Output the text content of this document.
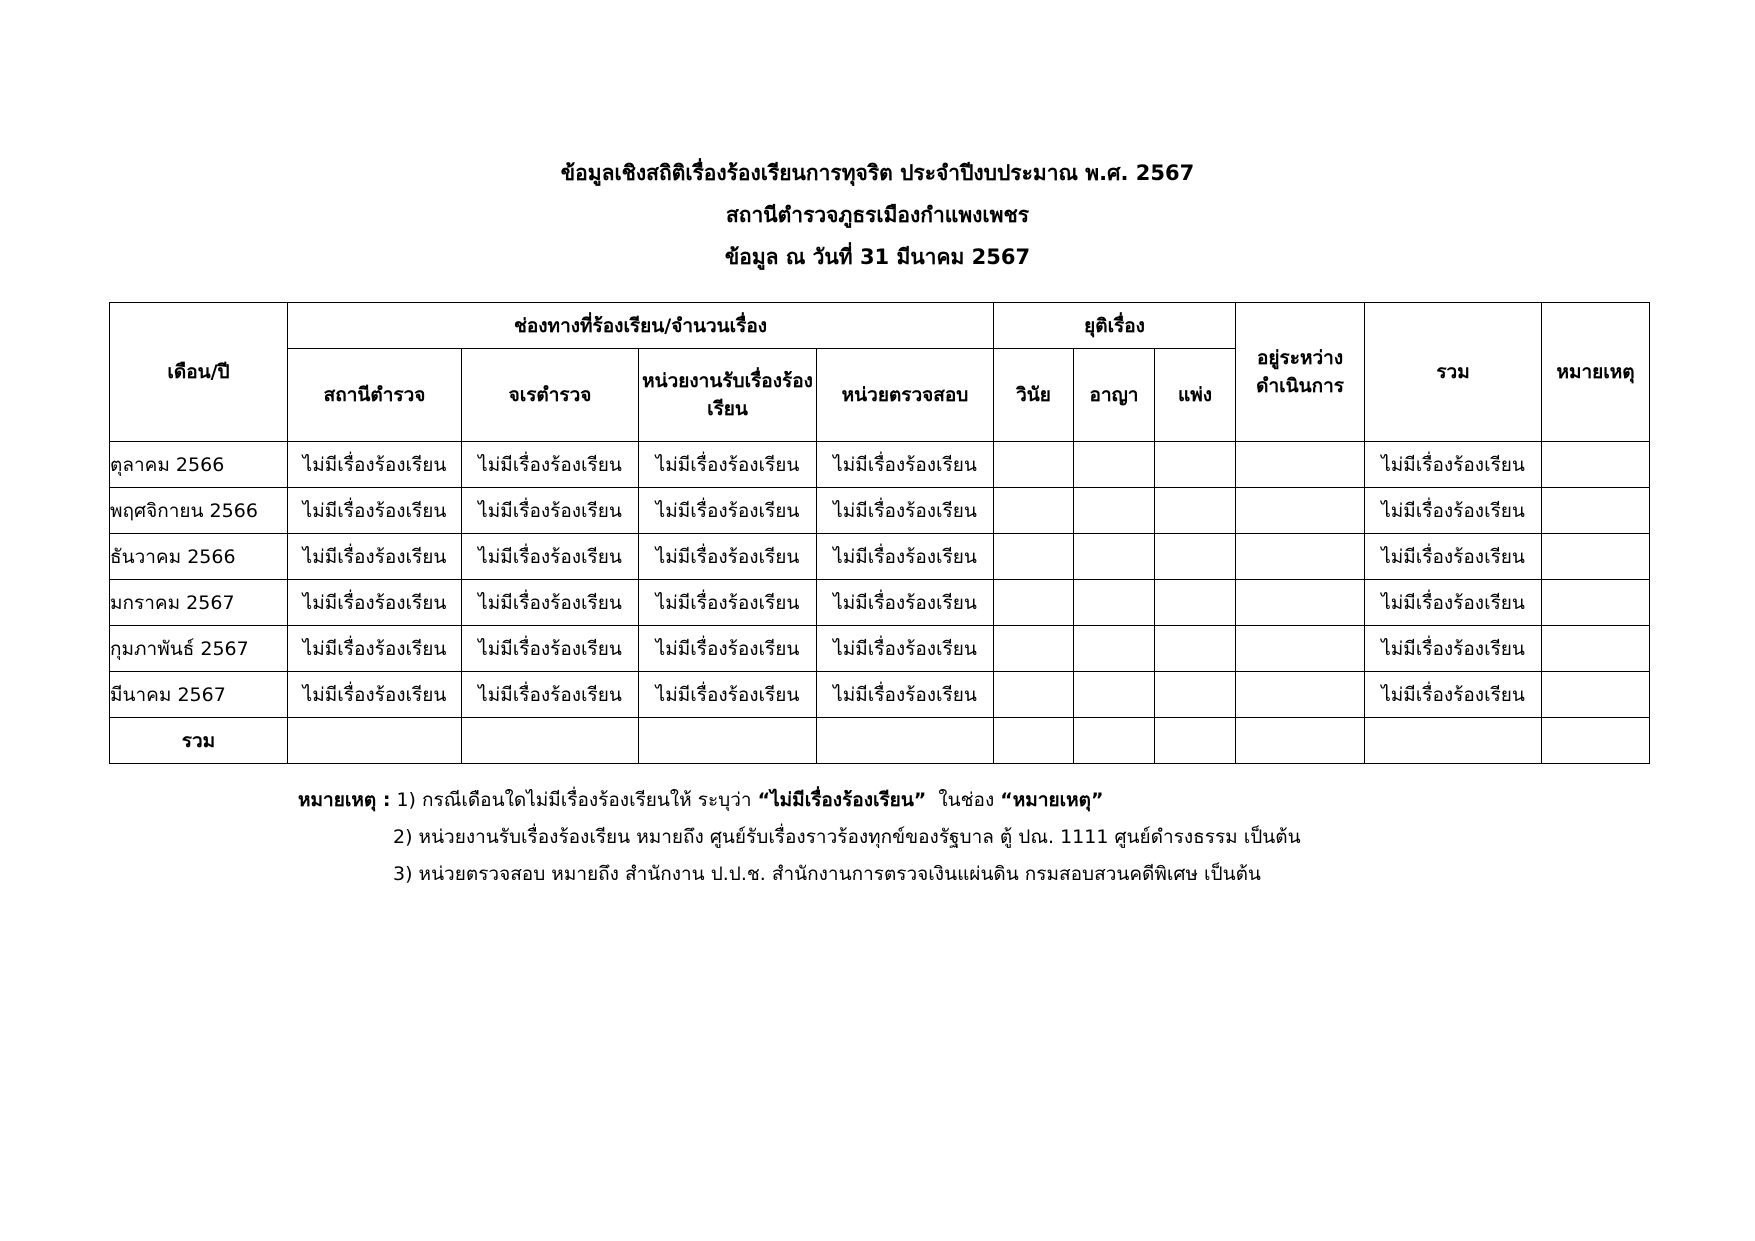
ข้อมูลเชิงสถิติเรื่องร้องเรียนการทุจริต ประจำปีงบประมาณ พ.ศ. 2567
สถานีตำรวจภูธรเมืองกำแพงเพชร
ข้อมูล ณ วันที่ 31 มีนาคม 2567
เดือน/ปี	ช่องทางที่ร้องเรียน/จำนวนเรื่อง				ยุติเรื่อง			อยู่ระหว่างดำเนินการ	รวม	หมายเหตุ
	สถานีตำรวจ	จเรตำรวจ	หน่วยงานรับเรื่องร้องเรียน	หน่วยตรวจสอบ	วินัย	อาญา	แพ่ง			
ตุลาคม 2566	ไม่มีเรื่องร้องเรียน	ไม่มีเรื่องร้องเรียน	ไม่มีเรื่องร้องเรียน	ไม่มีเรื่องร้องเรียน					ไม่มีเรื่องร้องเรียน	
พฤศจิกายน 2566	ไม่มีเรื่องร้องเรียน	ไม่มีเรื่องร้องเรียน	ไม่มีเรื่องร้องเรียน	ไม่มีเรื่องร้องเรียน					ไม่มีเรื่องร้องเรียน	
ธันวาคม 2566	ไม่มีเรื่องร้องเรียน	ไม่มีเรื่องร้องเรียน	ไม่มีเรื่องร้องเรียน	ไม่มีเรื่องร้องเรียน					ไม่มีเรื่องร้องเรียน	
มกราคม 2567	ไม่มีเรื่องร้องเรียน	ไม่มีเรื่องร้องเรียน	ไม่มีเรื่องร้องเรียน	ไม่มีเรื่องร้องเรียน					ไม่มีเรื่องร้องเรียน	
กุมภาพันธ์ 2567	ไม่มีเรื่องร้องเรียน	ไม่มีเรื่องร้องเรียน	ไม่มีเรื่องร้องเรียน	ไม่มีเรื่องร้องเรียน					ไม่มีเรื่องร้องเรียน	
มีนาคม 2567	ไม่มีเรื่องร้องเรียน	ไม่มีเรื่องร้องเรียน	ไม่มีเรื่องร้องเรียน	ไม่มีเรื่องร้องเรียน					ไม่มีเรื่องร้องเรียน	
รวม										
หมายเหตุ : 1) กรณีเดือนใดไม่มีเรื่องร้องเรียนให้ ระบุว่า “ไม่มีเรื่องร้องเรียน” ในช่อง “หมายเหตุ”
2) หน่วยงานรับเรื่องร้องเรียน หมายถึง ศูนย์รับเรื่องราวร้องทุกข์ของรัฐบาล ตู้ ปณ. 1111 ศูนย์ดำรงธรรม เป็นต้น
3) หน่วยตรวจสอบ หมายถึง สำนักงาน ป.ป.ช. สำนักงานการตรวจเงินแผ่นดิน กรมสอบสวนคดีพิเศษ เป็นต้น
